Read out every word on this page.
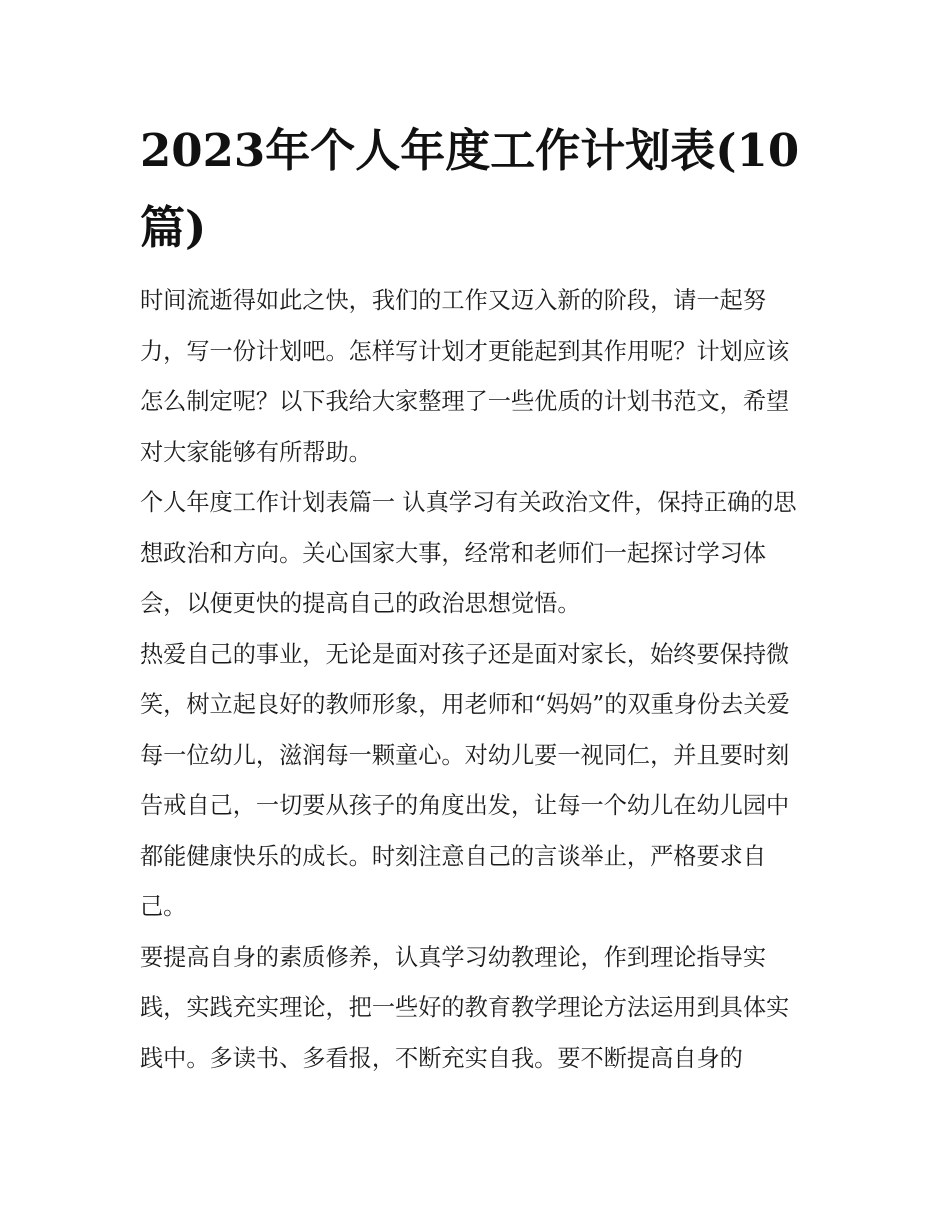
2023年个人年度工作计划表(10篇)

时间流逝得如此之快，我们的工作又迈入新的阶段，请一起努力，写一份计划吧。怎样写计划才更能起到其作用呢？计划应该怎么制定呢？以下我给大家整理了一些优质的计划书范文，希望对大家能够有所帮助。

个人年度工作计划表篇一 认真学习有关政治文件，保持正确的思想政治和方向。关心国家大事，经常和老师们一起探讨学习体会，以便更快的提高自己的政治思想觉悟。

热爱自己的事业，无论是面对孩子还是面对家长，始终要保持微笑，树立起良好的教师形象，用老师和“妈妈”的双重身份去关爱每一位幼儿，滋润每一颗童心。对幼儿要一视同仁，并且要时刻告戒自己，一切要从孩子的角度出发，让每一个幼儿在幼儿园中都能健康快乐的成长。时刻注意自己的言谈举止，严格要求自己。

要提高自身的素质修养，认真学习幼教理论，作到理论指导实践，实践充实理论，把一些好的教育教学理论方法运用到具体实践中。多读书、多看报，不断充实自我。要不断提高自身的
